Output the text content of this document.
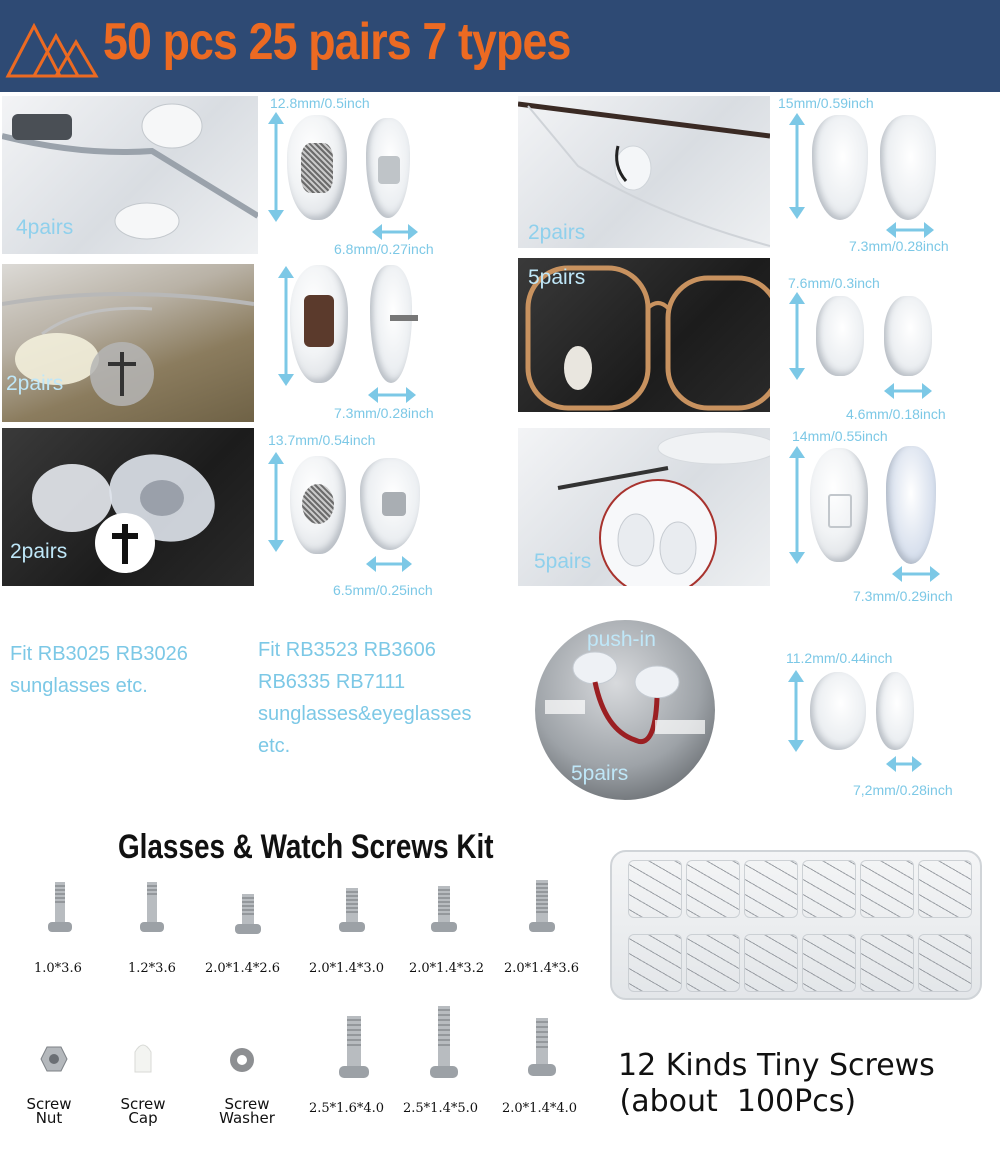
50 pcs 25 pairs 7 types
4pairs
12.8mm/0.5inch
6.8mm/0.27inch
2pairs
15mm/0.59inch
7.3mm/0.28inch
2pairs
7.3mm/0.28inch
5pairs	7.6mm/0.3inch
4.6mm/0.18inch
2pairs
13.7mm/0.54inch
6.5mm/0.25inch
5pairs
14mm/0.55inch
7.3mm/0.29inch
Fit RB3025 RB3026
sunglasses etc.
Fit RB3523 RB3606
RB6335 RB7111
sunglasses&eyeglasses
etc.
push-in
5pairs
11.2mm/0.44inch
7,2mm/0.28inch
Glasses & Watch Screws Kit
1.0*3.6	1.2*3.6 2.0*1.4*2.6 2.0*1.4*3.0 2.0*1.4*3.2 2.0*1.4*3.6
Screw
Nut
Screw
Cap
Screw
Washer
2.5*1.6*4.0 2.5*1.4*5.0 2.0*1.4*4.0
12 Kinds Tiny Screws
(about  100Pcs)
